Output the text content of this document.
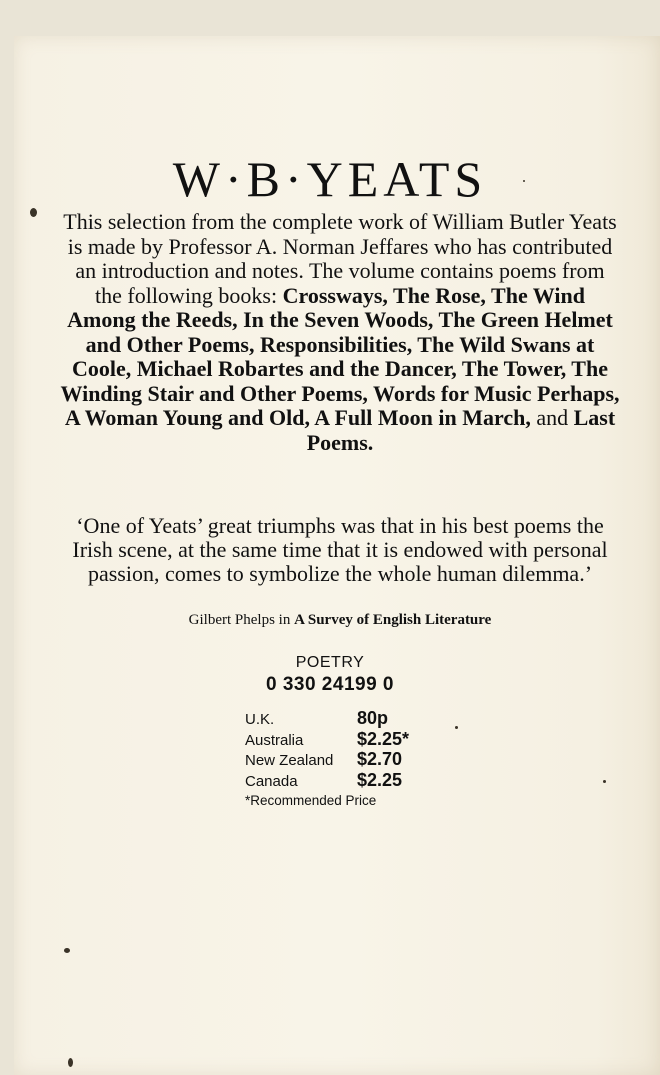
W·B·YEATS
This selection from the complete work of William Butler Yeats is made by Professor A. Norman Jeffares who has contributed an introduction and notes. The volume contains poems from the following books: Crossways, The Rose, The Wind Among the Reeds, In the Seven Woods, The Green Helmet and Other Poems, Responsibilities, The Wild Swans at Coole, Michael Robartes and the Dancer, The Tower, The Winding Stair and Other Poems, Words for Music Perhaps, A Woman Young and Old, A Full Moon in March, and Last Poems.
‘One of Yeats’ great triumphs was that in his best poems the Irish scene, at the same time that it is endowed with personal passion, comes to symbolize the whole human dilemma.’
Gilbert Phelps in A Survey of English Literature
POETRY
0 330 24199 0
U.K.	80p
Australia	$2.25*
New Zealand	$2.70
Canada	$2.25
*Recommended Price
